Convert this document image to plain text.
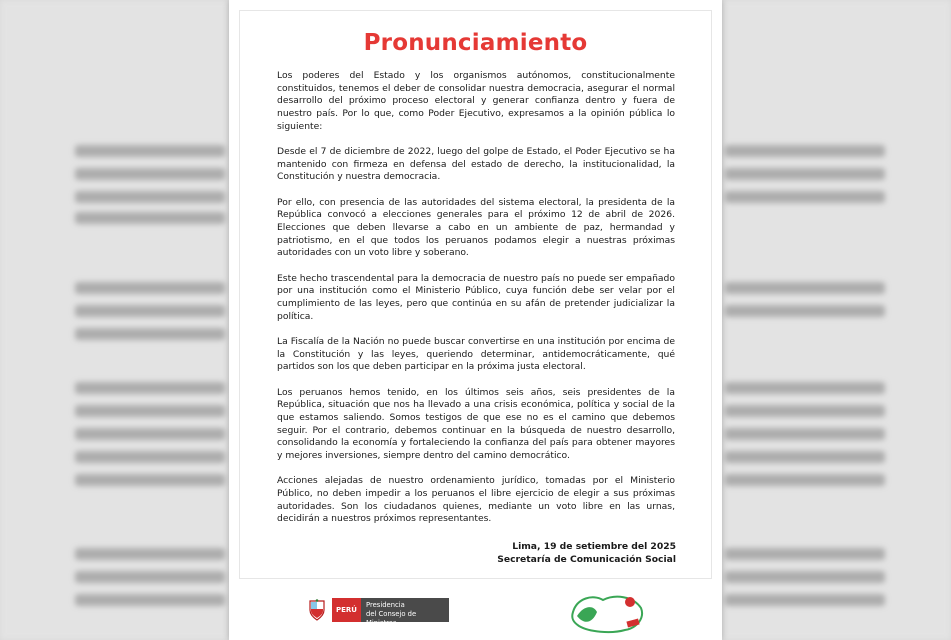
Pronunciamiento

Los poderes del Estado y los organismos autónomos, constitucionalmente constituidos, tenemos el deber de consolidar nuestra democracia, asegurar el normal desarrollo del próximo proceso electoral y generar confianza dentro y fuera de nuestro país. Por lo que, como Poder Ejecutivo, expresamos a la opinión pública lo siguiente:

Desde el 7 de diciembre de 2022, luego del golpe de Estado, el Poder Ejecutivo se ha mantenido con firmeza en defensa del estado de derecho, la institucionalidad, la Constitución y nuestra democracia.

Por ello, con presencia de las autoridades del sistema electoral, la presidenta de la República convocó a elecciones generales para el próximo 12 de abril de 2026. Elecciones que deben llevarse a cabo en un ambiente de paz, hermandad y patriotismo, en el que todos los peruanos podamos elegir a nuestras próximas autoridades con un voto libre y soberano.

Este hecho trascendental para la democracia de nuestro país no puede ser empañado por una institución como el Ministerio Público, cuya función debe ser velar por el cumplimiento de las leyes, pero que continúa en su afán de pretender judicializar la política.

La Fiscalía de la Nación no puede buscar convertirse en una institución por encima de la Constitución y las leyes, queriendo determinar, antidemocráticamente, qué partidos son los que deben participar en la próxima justa electoral.

Los peruanos hemos tenido, en los últimos seis años, seis presidentes de la República, situación que nos ha llevado a una crisis económica, política y social de la que estamos saliendo. Somos testigos de que ese no es el camino que debemos seguir. Por el contrario, debemos continuar en la búsqueda de nuestro desarrollo, consolidando la economía y fortaleciendo la confianza del país para obtener mayores y mejores inversiones, siempre dentro del camino democrático.

Acciones alejadas de nuestro ordenamiento jurídico, tomadas por el Ministerio Público, no deben impedir a los peruanos el libre ejercicio de elegir a sus próximas autoridades. Son los ciudadanos quienes, mediante un voto libre en las urnas, decidirán a nuestros próximos representantes.

Lima, 19 de setiembre del 2025
Secretaría de Comunicación Social
PERÚ
Presidencia
del Consejo de Ministros
